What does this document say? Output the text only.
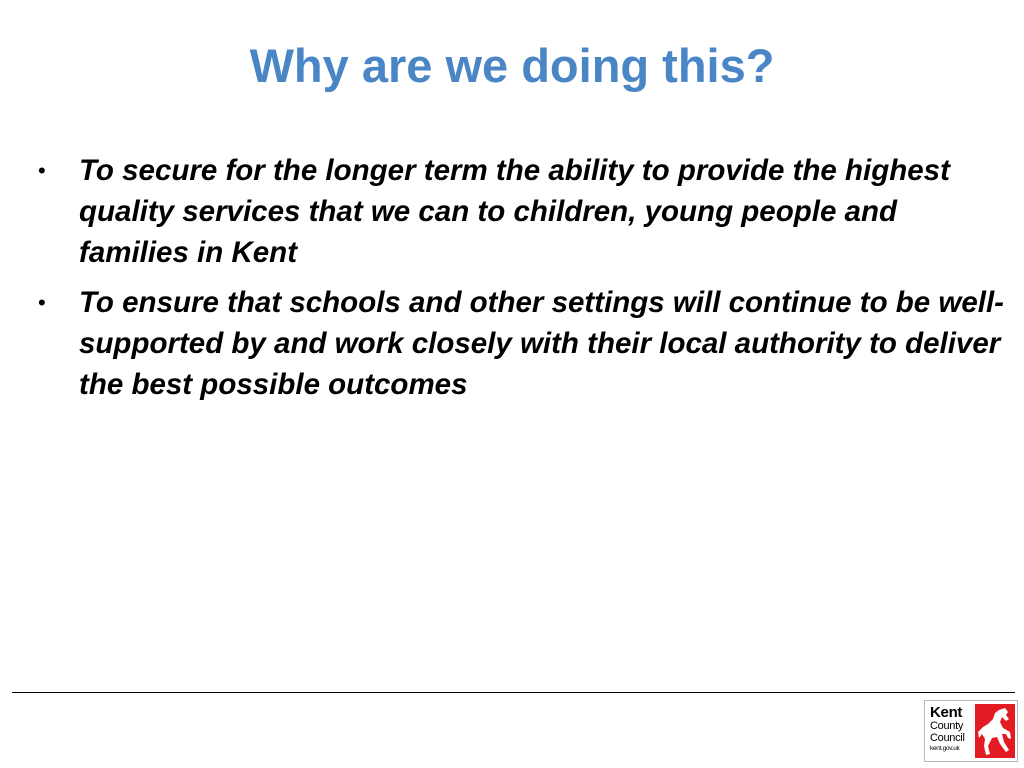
Why are we doing this?
• To secure for the longer term the ability to provide the highest quality services that we can to children, young people and families in Kent
• To ensure that schools and other settings will continue to be well-supported by and work closely with their local authority to deliver the best possible outcomes
Kent
County
Council
kent.gov.uk
